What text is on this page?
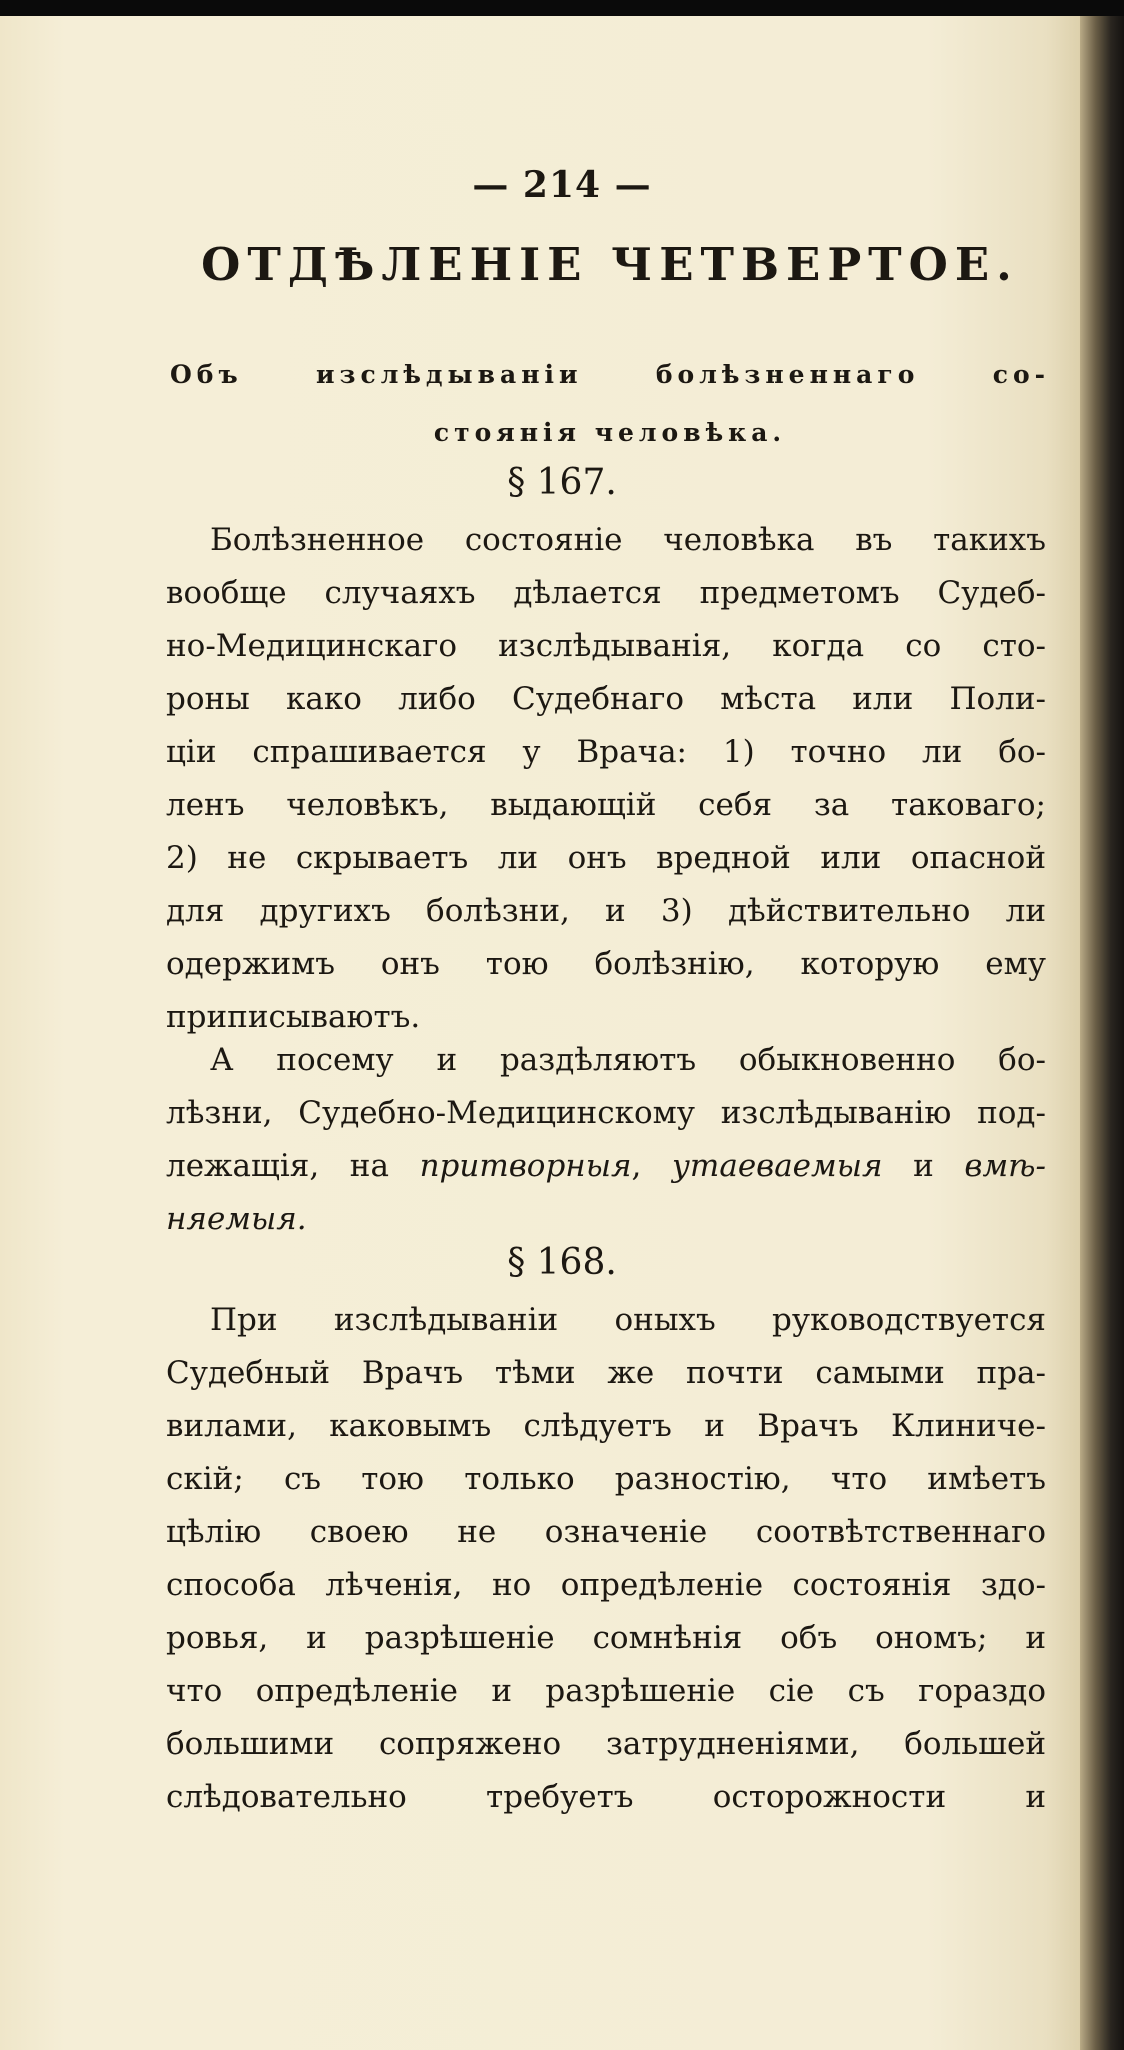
— 214 —
ОТДѢЛЕНІЕ ЧЕТВЕРТОЕ.
Объ изслѣдываніи болѣзненнаго со-
стоянія человѣка.
§ 167.
Болѣзненное состояніе человѣка въ такихъ
вообще случаяхъ дѣлается предметомъ Судеб-
но-Медицинскаго изслѣдыванія, когда со сто-
роны како либо Судебнаго мѣста или Поли-
ціи спрашивается у Врача: 1) точно ли бо-
ленъ человѣкъ, выдающій себя за таковаго;
2) не скрываетъ ли онъ вредной или опасной
для другихъ болѣзни, и 3) дѣйствительно ли
одержимъ онъ тою болѣзнію, которую ему
приписываютъ.
А посему и раздѣляютъ обыкновенно бо-
лѣзни, Судебно-Медицинскому изслѣдыванію под-
лежащія, на притворныя, утаеваемыя и вмѣ-
няемыя.
§ 168.
При изслѣдываніи оныхъ руководствуется
Судебный Врачъ тѣми же почти самыми пра-
вилами, каковымъ слѣдуетъ и Врачъ Клиниче-
скій; съ тою только разностію, что имѣетъ
цѣлію своею не означеніе соотвѣтственнаго
способа лѣченія, но опредѣленіе состоянія здо-
ровья, и разрѣшеніе сомнѣнія объ ономъ; и
что опредѣленіе и разрѣшеніе сіе съ гораздо
большими сопряжено затрудненіями, большей
слѣдовательно требуетъ осторожности и
